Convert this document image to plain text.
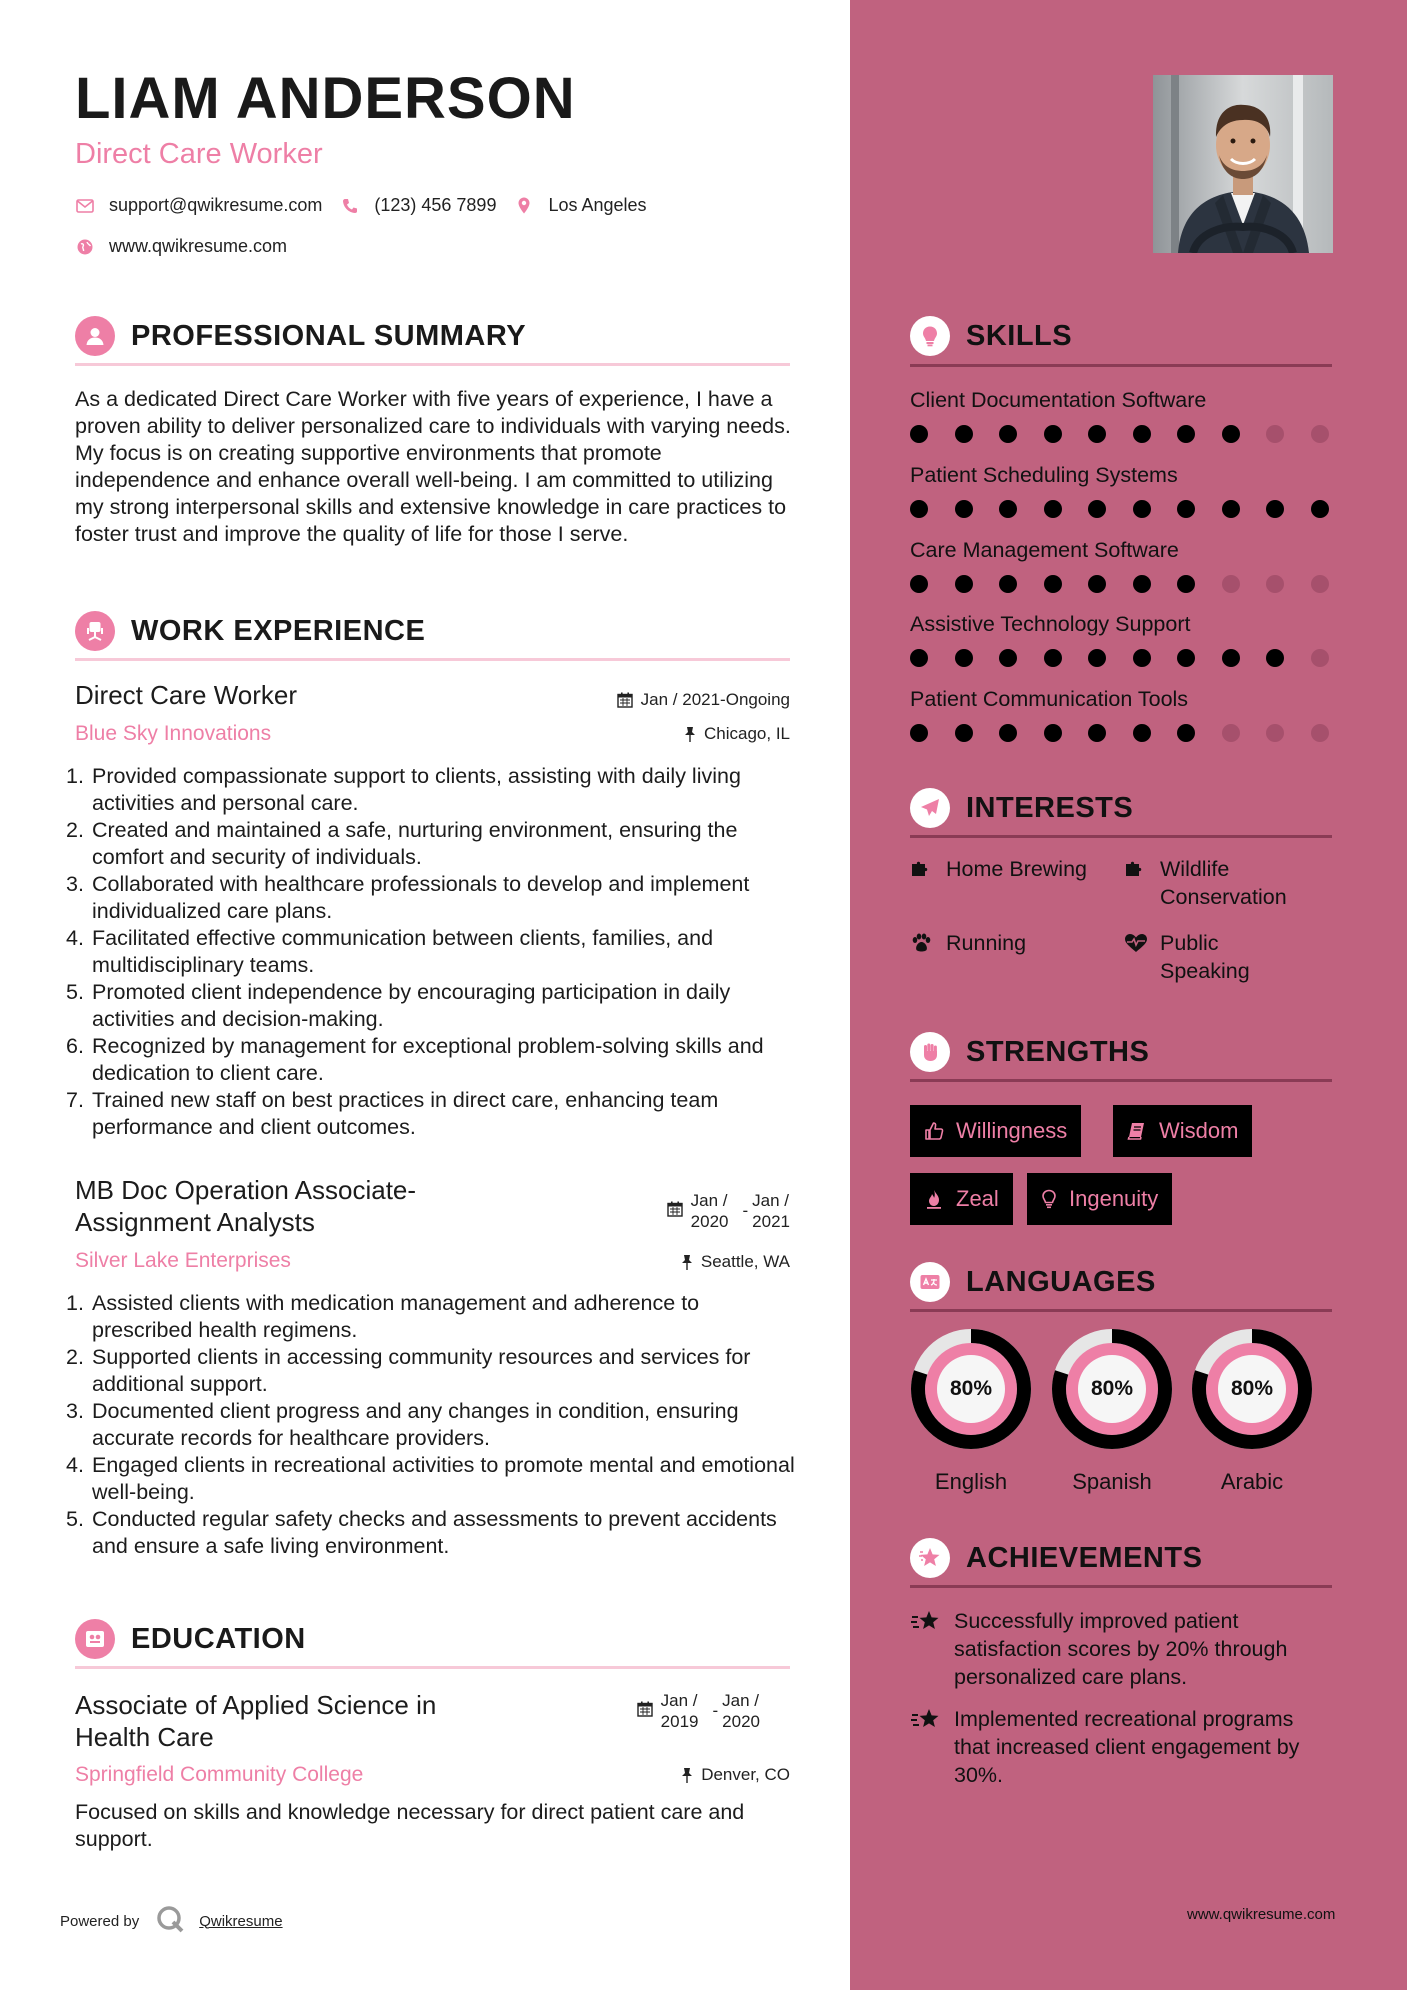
LIAM ANDERSON
Direct Care Worker
support@qwikresume.com	(123) 456 7899	Los Angeles
www.qwikresume.com
PROFESSIONAL SUMMARY
As a dedicated Direct Care Worker with five years of experience, I have a proven ability to deliver personalized care to individuals with varying needs. My focus is on creating supportive environments that promote independence and enhance overall well-being. I am committed to utilizing my strong interpersonal skills and extensive knowledge in care practices to foster trust and improve the quality of life for those I serve.
WORK EXPERIENCE
Direct Care Worker	Jan / 2021-Ongoing
Blue Sky Innovations	Chicago, IL
1. Provided compassionate support to clients, assisting with daily living activities and personal care.
2. Created and maintained a safe, nurturing environment, ensuring the comfort and security of individuals.
3. Collaborated with healthcare professionals to develop and implement individualized care plans.
4. Facilitated effective communication between clients, families, and multidisciplinary teams.
5. Promoted client independence by encouraging participation in daily activities and decision-making.
6. Recognized by management for exceptional problem-solving skills and dedication to client care.
7. Trained new staff on best practices in direct care, enhancing team performance and client outcomes.
MB Doc Operation Associate-
Assignment Analysts
Jan /
2020
-
Jan /
2021
Silver Lake Enterprises	Seattle, WA
1. Assisted clients with medication management and adherence to prescribed health regimens.
2. Supported clients in accessing community resources and services for additional support.
3. Documented client progress and any changes in condition, ensuring accurate records for healthcare providers.
4. Engaged clients in recreational activities to promote mental and emotional well-being.
5. Conducted regular safety checks and assessments to prevent accidents and ensure a safe living environment.
EDUCATION
Associate of Applied Science in
Health Care
Jan /
2019
-
Jan /
2020
Springfield Community College	Denver, CO
Focused on skills and knowledge necessary for direct patient care and support.
Powered by	Qwikresume
SKILLS
Client Documentation Software
Patient Scheduling Systems
Care Management Software
Assistive Technology Support
Patient Communication Tools
INTERESTS
Home Brewing	Wildlife
Conservation
Running	Public
Speaking
STRENGTHS
Willingness	Wisdom
Zeal	Ingenuity
LANGUAGES
80%
English
80%
Spanish
80%
Arabic
ACHIEVEMENTS
Successfully improved patient satisfaction scores by 20% through personalized care plans.
Implemented recreational programs that increased client engagement by 30%.
www.qwikresume.com
